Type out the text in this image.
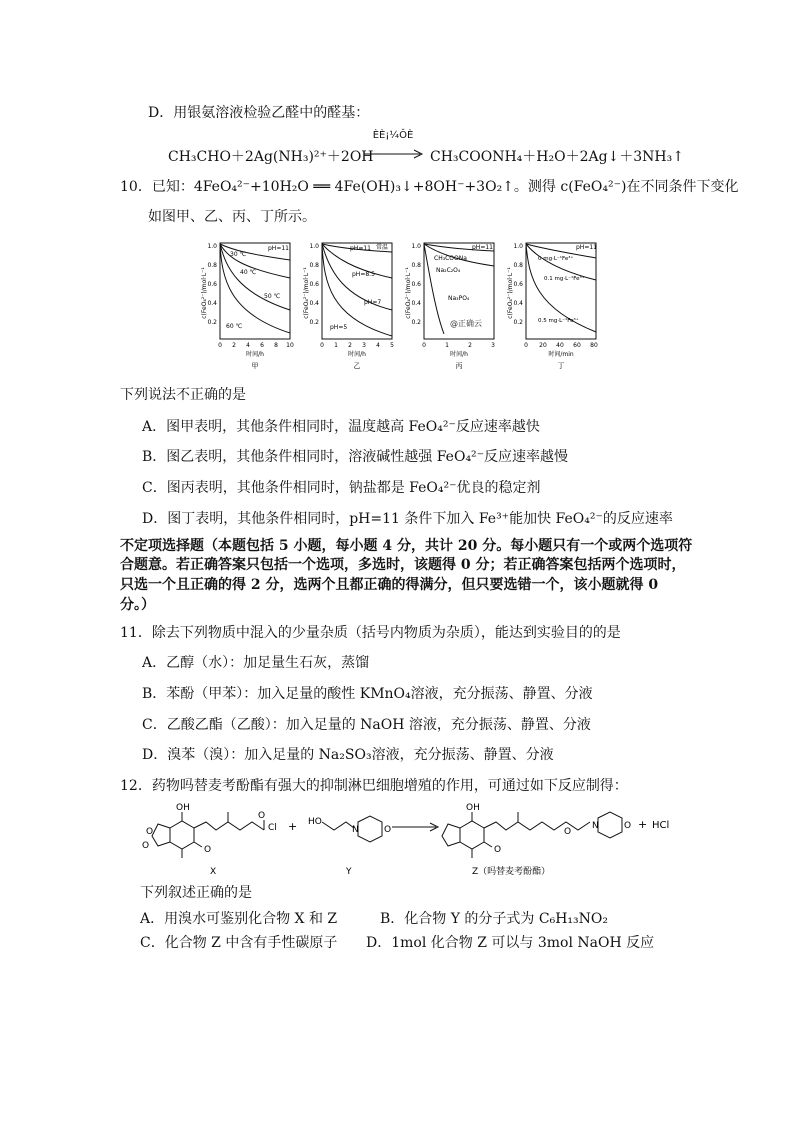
D．用银氨溶液检验乙醛中的醛基：
CH₃CHO＋2Ag(NH₃)²⁺＋2OH⁻
ÈÈ¡¼ÔÈ
CH₃COONH₄＋H₂O＋2Ag↓＋3NH₃↑
10．已知：4FeO₄²⁻+10H₂O ══ 4Fe(OH)₃↓+8OH⁻+3O₂↑。测得 c(FeO₄²⁻)在不同条件下变化
如图甲、乙、丙、丁所示。
c(FeO₄²⁻)/mol·L⁻¹
0.2
0.4
0.6
0.8
1.0
0 2 4 6 8 10
时间/h
甲
pH=11
30 ℃
40 ℃
50 ℃
60 ℃
c(FeO₄²⁻)/mol·L⁻¹
0.2
0.4
0.6
0.8
1.0
0 1 2 3 4 5
时间/h
乙
常温
pH=11
pH=8.5
pH=7
pH=5
c(FeO₄²⁻)/mol·L⁻¹
0.2
0.4
0.6
0.8
1.0
0	1	2	3
时间/h
丙
pH=11
CH₃COONa
Na₂C₂O₄
Na₃PO₄
@正确云
c(FeO₄²⁻)/mol·L⁻¹
0.2
0.4
0.6
0.8
1.0
0 20 40 60 80
时间/min
丁
pH=11
0 mg·L⁻¹Fe³⁺
0.1 mg·L⁻¹Fe³⁺
0.5 mg·L⁻¹Fe³⁺
下列说法不正确的是
A．图甲表明，其他条件相同时，温度越高 FeO₄²⁻反应速率越快
B．图乙表明，其他条件相同时，溶液碱性越强 FeO₄²⁻反应速率越慢
C．图丙表明，其他条件相同时，钠盐都是 FeO₄²⁻优良的稳定剂
D．图丁表明，其他条件相同时，pH=11 条件下加入 Fe³⁺能加快 FeO₄²⁻的反应速率
不定项选择题（本题包括 5 小题，每小题 4 分，共计 20 分。每小题只有一个或两个选项符
合题意。若正确答案只包括一个选项，多选时，该题得 0 分；若正确答案包括两个选项时，
只选一个且正确的得 2 分，选两个且都正确的得满分，但只要选错一个，该小题就得 0
分。）
11．除去下列物质中混入的少量杂质（括号内物质为杂质），能达到实验目的的是
A．乙醇（水）：加足量生石灰，蒸馏
B．苯酚（甲苯）：加入足量的酸性 KMnO₄溶液，充分振荡、静置、分液
C．乙酸乙酯（乙酸）：加入足量的 NaOH 溶液，充分振荡、静置、分液
D．溴苯（溴）：加入足量的 Na₂SO₃溶液，充分振荡、静置、分液
12．药物吗替麦考酚酯有强大的抑制淋巴细胞增殖的作用，可通过如下反应制得：
OH
O
O	O
Cl
O
X
+ HO
N	O
Y
OH
O
O
N	O
Z（吗替麦考酚酯）
+ HCl
下列叙述正确的是
A．用溴水可鉴别化合物 X 和 Z	B．化合物 Y 的分子式为 C₆H₁₃NO₂
C．化合物 Z 中含有手性碳原子 D．1mol 化合物 Z 可以与 3mol NaOH 反应
